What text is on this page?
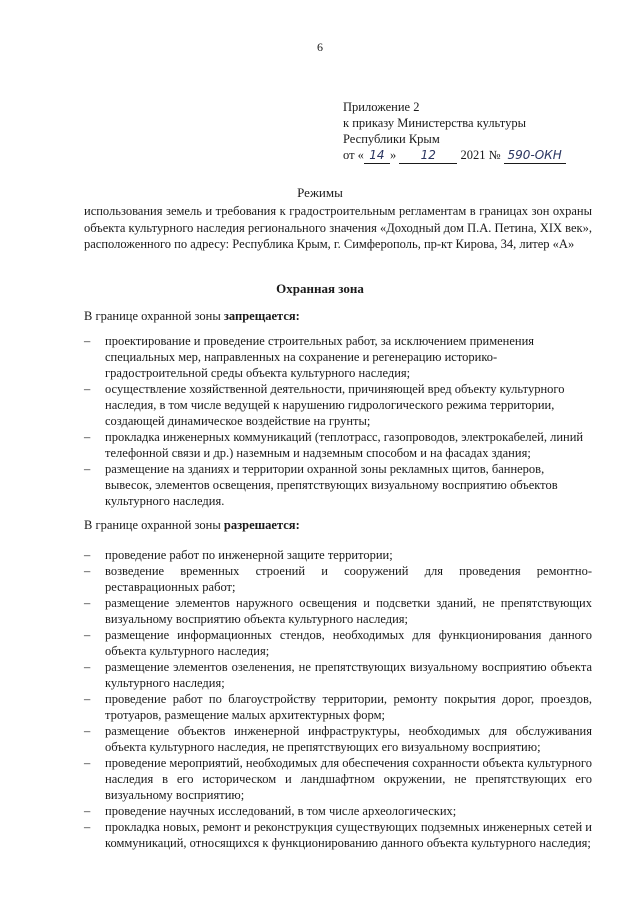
6
Приложение 2
к приказу Министерства культуры
Республики Крым
от « 14 » 12 2021 № 590-ОКН
Режимы
использования земель и требования к градостроительным регламентам в границах зон охраны объекта культурного наследия регионального значения «Доходный дом П.А. Петина, XIX век», расположенного по адресу: Республика Крым, г. Симферополь, пр-кт Кирова, 34, литер «А»
Охранная зона
В границе охранной зоны запрещается:
– проектирование и проведение строительных работ, за исключением применения специальных мер, направленных на сохранение и регенерацию историко-градостроительной среды объекта культурного наследия;
– осуществление хозяйственной деятельности, причиняющей вред объекту культурного наследия, в том числе ведущей к нарушению гидрологического режима территории, создающей динамическое воздействие на грунты;
– прокладка инженерных коммуникаций (теплотрасс, газопроводов, электрокабелей, линий телефонной связи и др.) наземным и надземным способом и на фасадах здания;
– размещение на зданиях и территории охранной зоны рекламных щитов, баннеров, вывесок, элементов освещения, препятствующих визуальному восприятию объектов культурного наследия.
В границе охранной зоны разрешается:
– проведение работ по инженерной защите территории;
– возведение временных строений и сооружений для проведения ремонтно-реставрационных работ;
– размещение элементов наружного освещения и подсветки зданий, не препятствующих визуальному восприятию объекта культурного наследия;
– размещение информационных стендов, необходимых для функционирования данного объекта культурного наследия;
– размещение элементов озеленения, не препятствующих визуальному восприятию объекта культурного наследия;
– проведение работ по благоустройству территории, ремонту покрытия дорог, проездов, тротуаров, размещение малых архитектурных форм;
– размещение объектов инженерной инфраструктуры, необходимых для обслуживания объекта культурного наследия, не препятствующих его визуальному восприятию;
– проведение мероприятий, необходимых для обеспечения сохранности объекта культурного наследия в его историческом и ландшафтном окружении, не препятствующих его визуальному восприятию;
– проведение научных исследований, в том числе археологических;
– прокладка новых, ремонт и реконструкция существующих подземных инженерных сетей и коммуникаций, относящихся к функционированию данного объекта культурного наследия;
